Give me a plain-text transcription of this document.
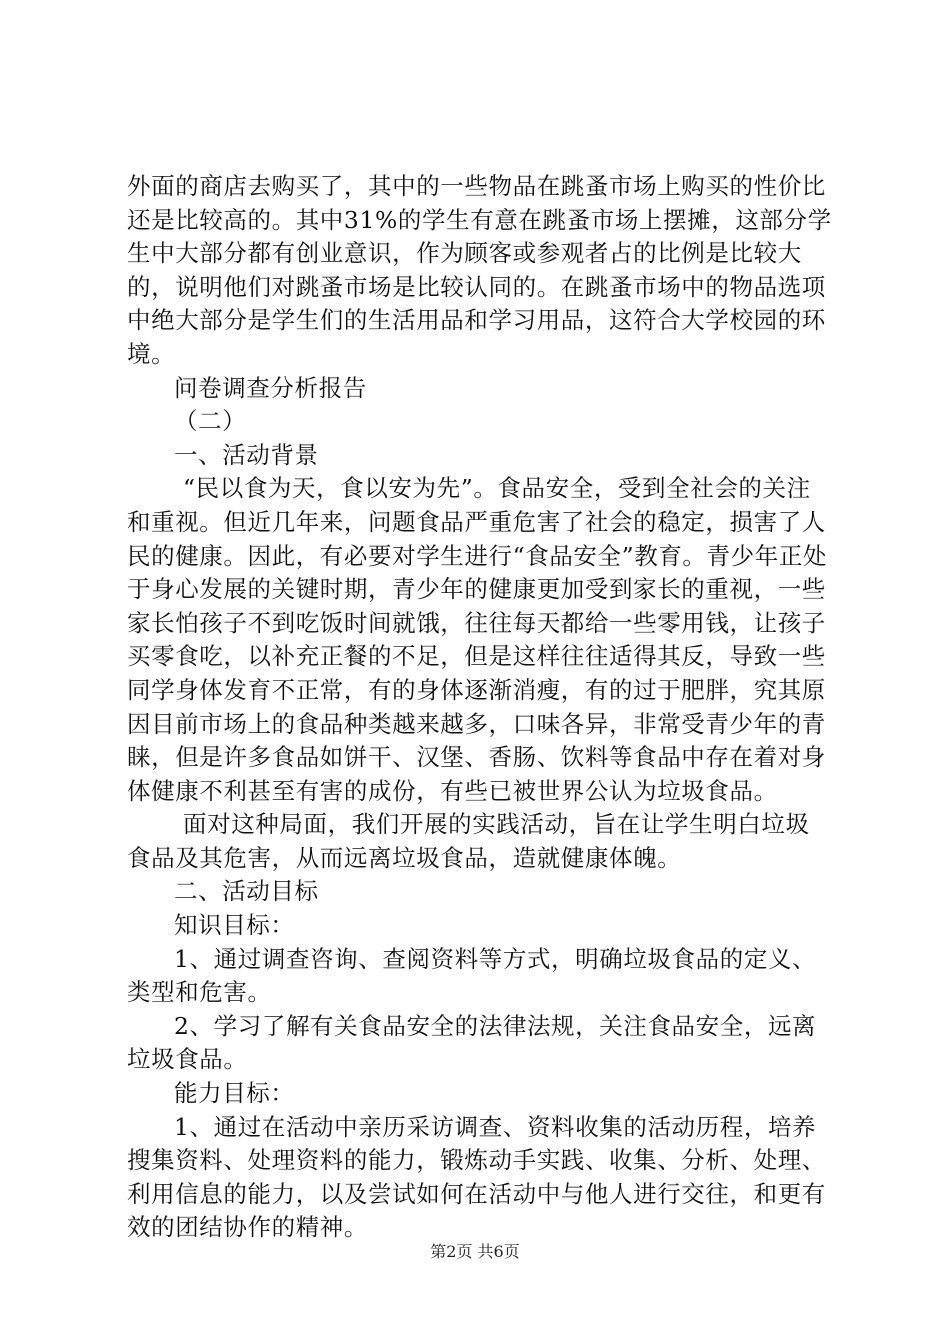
外面的商店去购买了，其中的一些物品在跳蚤市场上购买的性价比还是比较高的。其中31%的学生有意在跳蚤市场上摆摊，这部分学生中大部分都有创业意识，作为顾客或参观者占的比例是比较大的，说明他们对跳蚤市场是比较认同的。在跳蚤市场中的物品选项中绝大部分是学生们的生活用品和学习用品，这符合大学校园的环境。

问卷调查分析报告

（二）

一、活动背景

“民以食为天，食以安为先”。食品安全，受到全社会的关注和重视。但近几年来，问题食品严重危害了社会的稳定，损害了人民的健康。因此，有必要对学生进行“食品安全”教育。青少年正处于身心发展的关键时期，青少年的健康更加受到家长的重视，一些家长怕孩子不到吃饭时间就饿，往往每天都给一些零用钱，让孩子买零食吃，以补充正餐的不足，但是这样往往适得其反，导致一些同学身体发育不正常，有的身体逐渐消瘦，有的过于肥胖，究其原因目前市场上的食品种类越来越多，口味各异，非常受青少年的青睐，但是许多食品如饼干、汉堡、香肠、饮料等食品中存在着对身体健康不利甚至有害的成份，有些已被世界公认为垃圾食品。

面对这种局面，我们开展的实践活动，旨在让学生明白垃圾食品及其危害，从而远离垃圾食品，造就健康体魄。

二、活动目标

知识目标：

1、通过调查咨询、查阅资料等方式，明确垃圾食品的定义、类型和危害。

2、学习了解有关食品安全的法律法规，关注食品安全，远离垃圾食品。

能力目标：

1、通过在活动中亲历采访调查、资料收集的活动历程，培养搜集资料、处理资料的能力，锻炼动手实践、收集、分析、处理、利用信息的能力，以及尝试如何在活动中与他人进行交往，和更有效的团结协作的精神。

第2页 共6页
